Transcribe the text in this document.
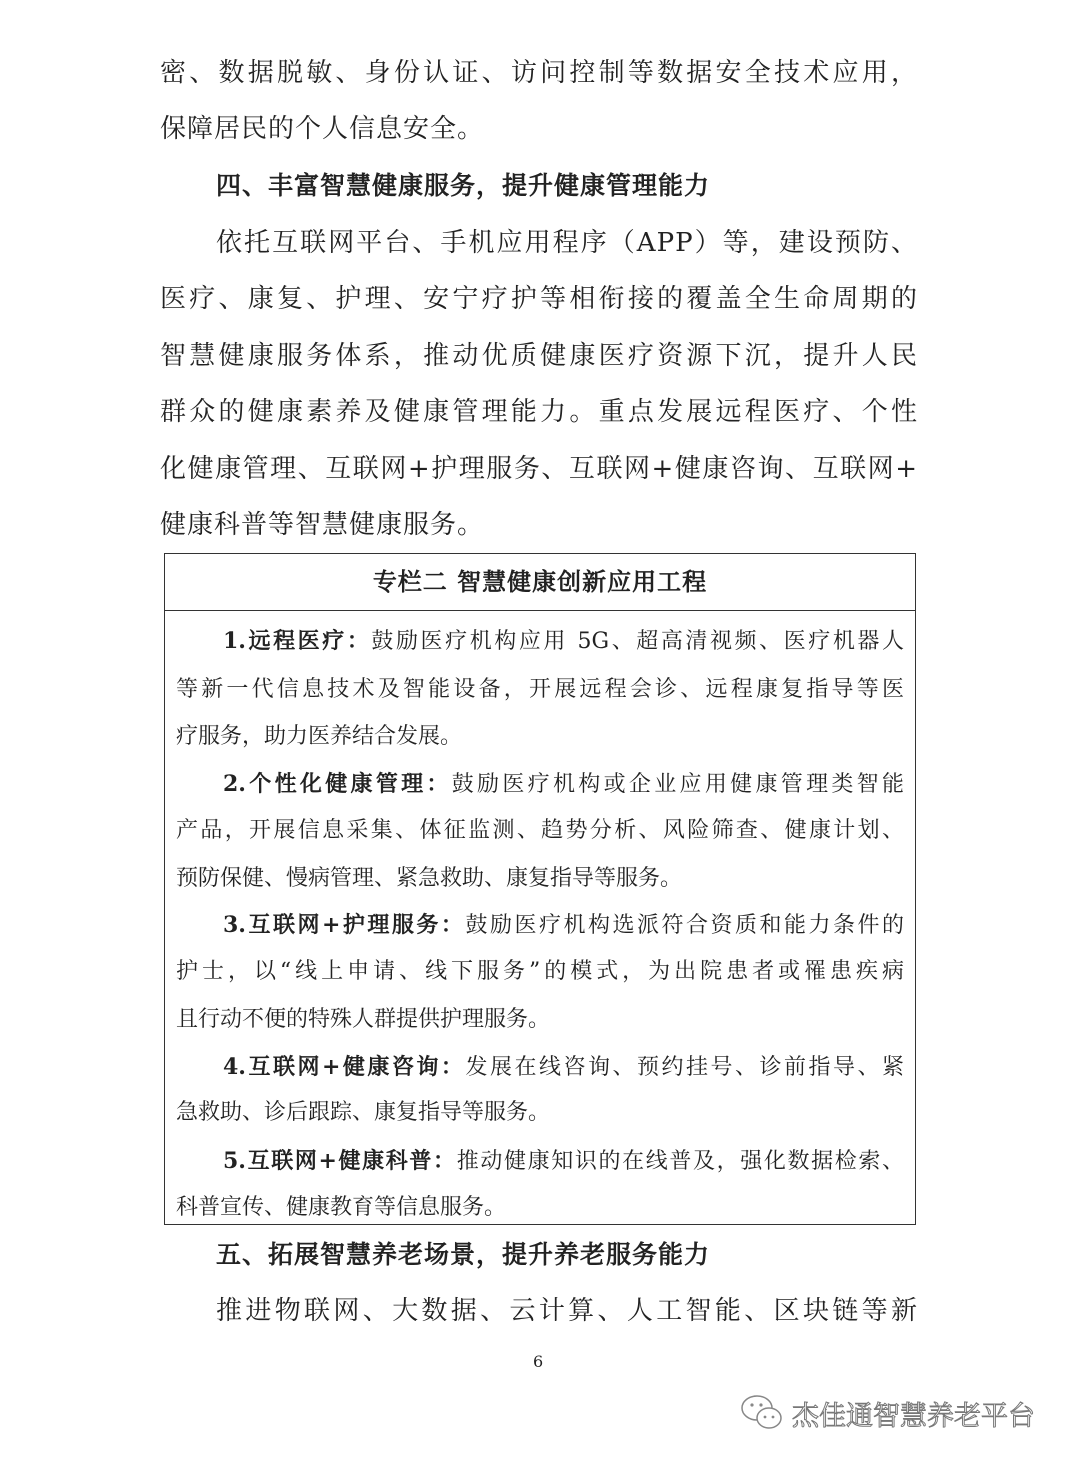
密、数据脱敏、身份认证、访问控制等数据安全技术应用，
保障居民的个人信息安全。
四、丰富智慧健康服务，提升健康管理能力
依托互联网平台、手机应用程序（APP）等，建设预防、
医疗、康复、护理、安宁疗护等相衔接的覆盖全生命周期的
智慧健康服务体系，推动优质健康医疗资源下沉，提升人民
群众的健康素养及健康管理能力。重点发展远程医疗、个性
化健康管理、互联网+护理服务、互联网+健康咨询、互联网+
健康科普等智慧健康服务。
专栏二 智慧健康创新应用工程
1.远程医疗：鼓励医疗机构应用 5G、超高清视频、医疗机器人
等新一代信息技术及智能设备，开展远程会诊、远程康复指导等医
疗服务，助力医养结合发展。
2.个性化健康管理：鼓励医疗机构或企业应用健康管理类智能
产品，开展信息采集、体征监测、趋势分析、风险筛查、健康计划、
预防保健、慢病管理、紧急救助、康复指导等服务。
3.互联网+护理服务：鼓励医疗机构选派符合资质和能力条件的
护士，以“线上申请、线下服务”的模式，为出院患者或罹患疾病
且行动不便的特殊人群提供护理服务。
4.互联网+健康咨询：发展在线咨询、预约挂号、诊前指导、紧
急救助、诊后跟踪、康复指导等服务。
5.互联网+健康科普：推动健康知识的在线普及，强化数据检索、
科普宣传、健康教育等信息服务。
五、拓展智慧养老场景，提升养老服务能力
推进物联网、大数据、云计算、人工智能、区块链等新
6
杰佳通智慧养老平台
